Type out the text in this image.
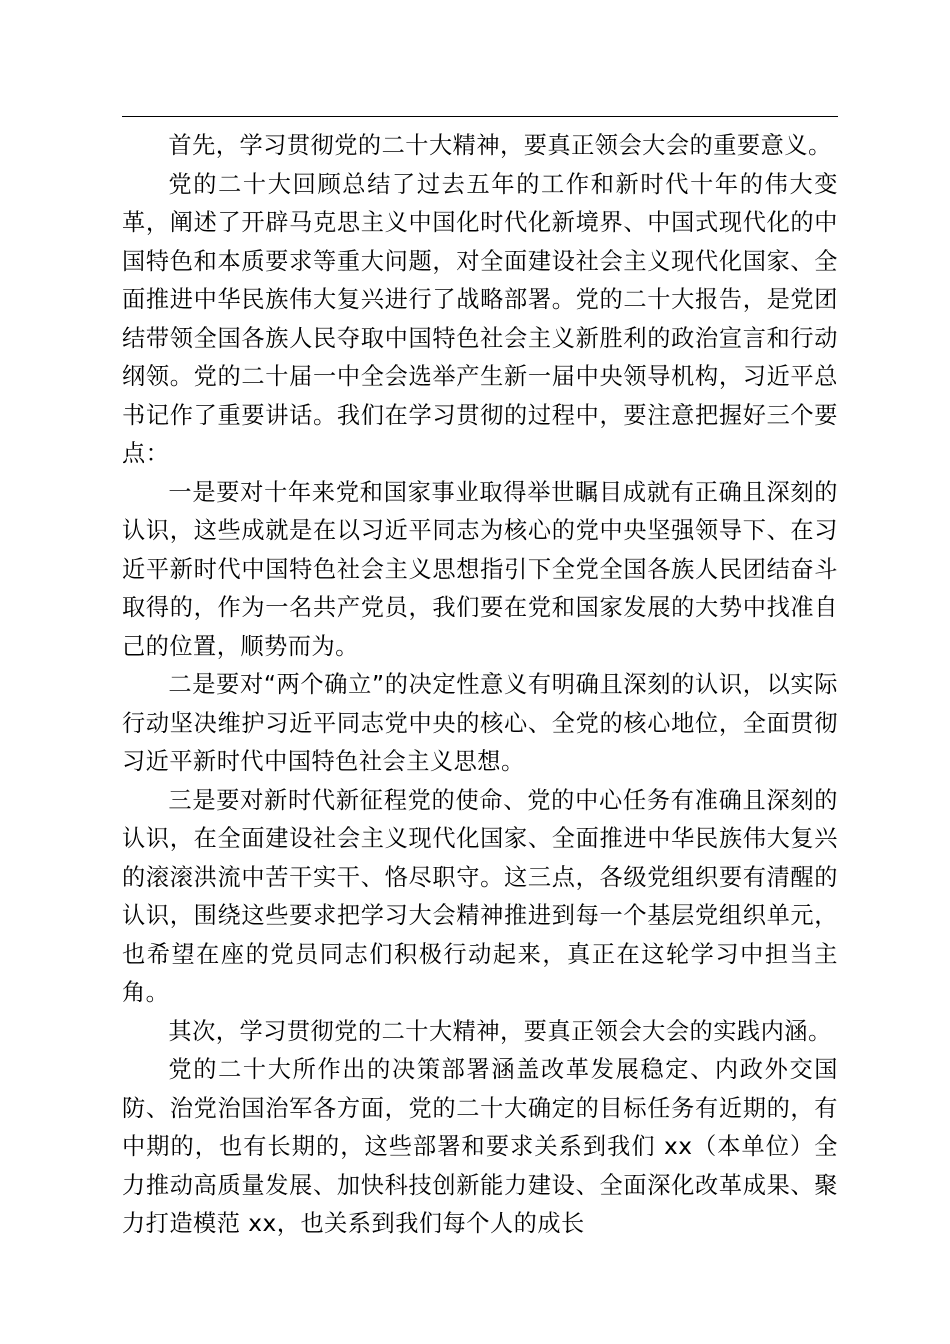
首先，学习贯彻党的二十大精神，要真正领会大会的重要意义。

党的二十大回顾总结了过去五年的工作和新时代十年的伟大变革，阐述了开辟马克思主义中国化时代化新境界、中国式现代化的中国特色和本质要求等重大问题，对全面建设社会主义现代化国家、全面推进中华民族伟大复兴进行了战略部署。党的二十大报告，是党团结带领全国各族人民夺取中国特色社会主义新胜利的政治宣言和行动纲领。党的二十届一中全会选举产生新一届中央领导机构，习近平总书记作了重要讲话。我们在学习贯彻的过程中，要注意把握好三个要点：

一是要对十年来党和国家事业取得举世瞩目成就有正确且深刻的认识，这些成就是在以习近平同志为核心的党中央坚强领导下、在习近平新时代中国特色社会主义思想指引下全党全国各族人民团结奋斗取得的，作为一名共产党员，我们要在党和国家发展的大势中找准自己的位置，顺势而为。

二是要对“两个确立”的决定性意义有明确且深刻的认识，以实际行动坚决维护习近平同志党中央的核心、全党的核心地位，全面贯彻习近平新时代中国特色社会主义思想。

三是要对新时代新征程党的使命、党的中心任务有准确且深刻的认识，在全面建设社会主义现代化国家、全面推进中华民族伟大复兴的滚滚洪流中苦干实干、恪尽职守。这三点，各级党组织要有清醒的认识，围绕这些要求把学习大会精神推进到每一个基层党组织单元，也希望在座的党员同志们积极行动起来，真正在这轮学习中担当主角。

其次，学习贯彻党的二十大精神，要真正领会大会的实践内涵。

党的二十大所作出的决策部署涵盖改革发展稳定、内政外交国防、治党治国治军各方面，党的二十大确定的目标任务有近期的，有中期的，也有长期的，这些部署和要求关系到我们 xx（本单位）全力推动高质量发展、加快科技创新能力建设、全面深化改革成果、聚力打造模范 xx，也关系到我们每个人的成长
